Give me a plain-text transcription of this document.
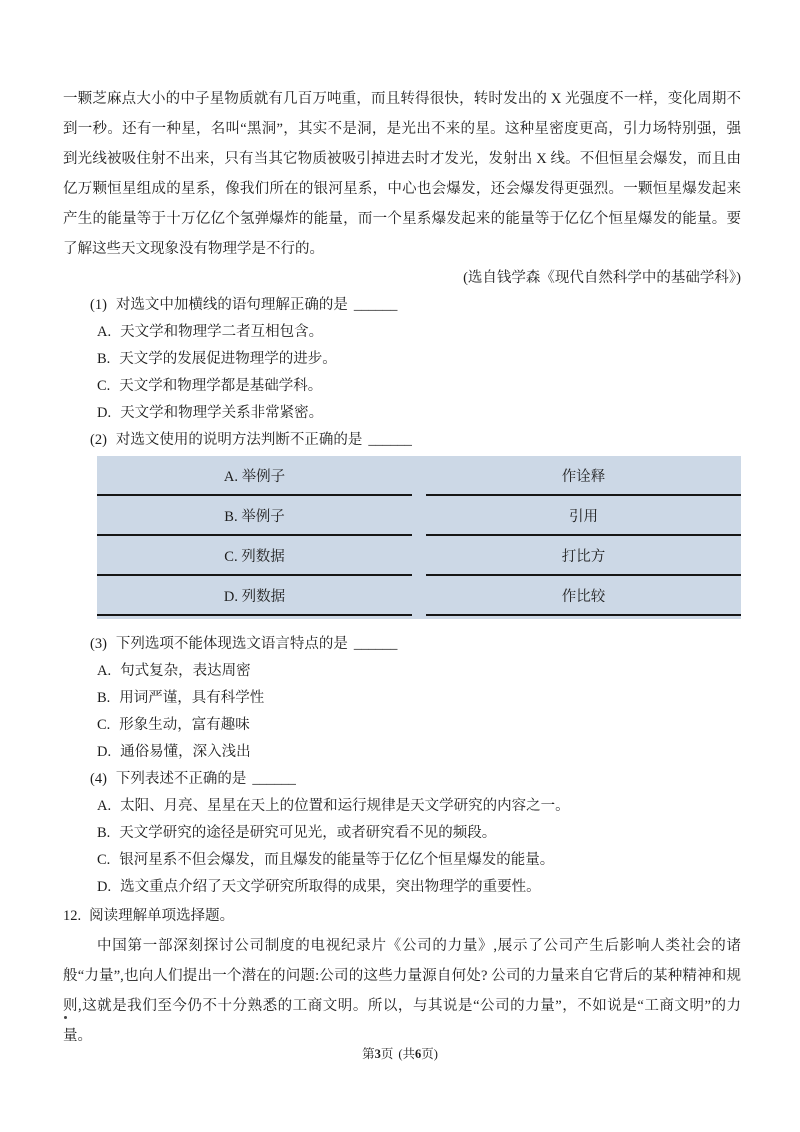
一颗芝麻点大小的中子星物质就有几百万吨重，而且转得很快，转时发出的 X 光强度不一样，变化周期不到一秒。还有一种星，名叫“黑洞”，其实不是洞，是光出不来的星。这种星密度更高，引力场特别强，强到光线被吸住射不出来，只有当其它物质被吸引掉进去时才发光，发射出 X 线。不但恒星会爆发，而且由亿万颗恒星组成的星系，像我们所在的银河星系，中心也会爆发，还会爆发得更强烈。一颗恒星爆发起来产生的能量等于十万亿亿个氢弹爆炸的能量，而一个星系爆发起来的能量等于亿亿个恒星爆发的能量。要了解这些天文现象没有物理学是不行的。

(选自钱学森《现代自然科学中的基础学科》)

(1) 对选文中加横线的语句理解正确的是 ______

A. 天文学和物理学二者互相包含。

B. 天文学的发展促进物理学的进步。

C. 天文学和物理学都是基础学科。

D. 天文学和物理学关系非常紧密。

(2) 对选文使用的说明方法判断不正确的是 ______

A. 举例子	作诠释
B. 举例子	引用
C. 列数据	打比方
D. 列数据	作比较

(3) 下列选项不能体现选文语言特点的是 ______

A. 句式复杂，表达周密

B. 用词严谨，具有科学性

C. 形象生动，富有趣味

D. 通俗易懂，深入浅出

(4) 下列表述不正确的是 ______

A. 太阳、月亮、星星在天上的位置和运行规律是天文学研究的内容之一。

B. 天文学研究的途径是研究可见光，或者研究看不见的频段。

C. 银河星系不但会爆发，而且爆发的能量等于亿亿个恒星爆发的能量。

D. 选文重点介绍了天文学研究所取得的成果，突出物理学的重要性。

12. 阅读理解单项选择题。

中国第一部深刻探讨公司制度的电视纪录片《公司的力量》,展示了公司产生后影响人类社会的诸般“力量”,也向人们提出一个潜在的问题:公司的这些力量源自何处? 公司的力量来自它背后的某种精神和规则,这就是我们至今仍不十分熟悉的工商文明。所以，与其说是“公司的力量”，不如说是“工商文明”的力量。

第3页 (共6页)
